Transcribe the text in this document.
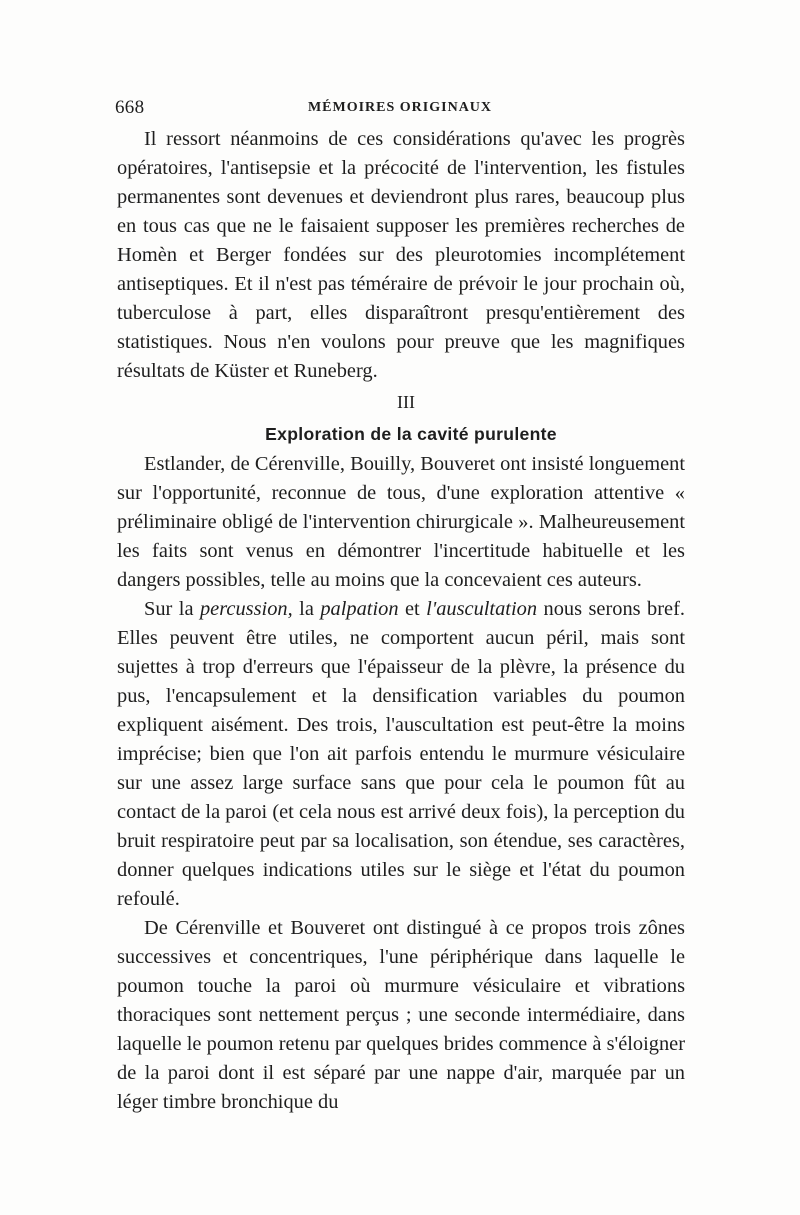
668	MÉMOIRES ORIGINAUX

Il ressort néanmoins de ces considérations qu'avec les progrès opératoires, l'antisepsie et la précocité de l'intervention, les fistules permanentes sont devenues et deviendront plus rares, beaucoup plus en tous cas que ne le faisaient supposer les premières recherches de Homèn et Berger fondées sur des pleurotomies incomplétement antiseptiques. Et il n'est pas téméraire de prévoir le jour prochain où, tuberculose à part, elles disparaîtront presqu'entièrement des statistiques. Nous n'en voulons pour preuve que les magnifiques résultats de Küster et Runeberg.

III
Exploration de la cavité purulente

Estlander, de Cérenville, Bouilly, Bouveret ont insisté longuement sur l'opportunité, reconnue de tous, d'une exploration attentive « préliminaire obligé de l'intervention chirurgicale ». Malheureusement les faits sont venus en démontrer l'incertitude habituelle et les dangers possibles, telle au moins que la concevaient ces auteurs.

Sur la percussion, la palpation et l'auscultation nous serons bref. Elles peuvent être utiles, ne comportent aucun péril, mais sont sujettes à trop d'erreurs que l'épaisseur de la plèvre, la présence du pus, l'encapsulement et la densification variables du poumon expliquent aisément. Des trois, l'auscultation est peut-être la moins imprécise; bien que l'on ait parfois entendu le murmure vésiculaire sur une assez large surface sans que pour cela le poumon fût au contact de la paroi (et cela nous est arrivé deux fois), la perception du bruit respiratoire peut par sa localisation, son étendue, ses caractères, donner quelques indications utiles sur le siège et l'état du poumon refoulé.

De Cérenville et Bouveret ont distingué à ce propos trois zônes successives et concentriques, l'une périphérique dans laquelle le poumon touche la paroi où murmure vésiculaire et vibrations thoraciques sont nettement perçus ; une seconde intermédiaire, dans laquelle le poumon retenu par quelques brides commence à s'éloigner de la paroi dont il est séparé par une nappe d'air, marquée par un léger timbre bronchique du
